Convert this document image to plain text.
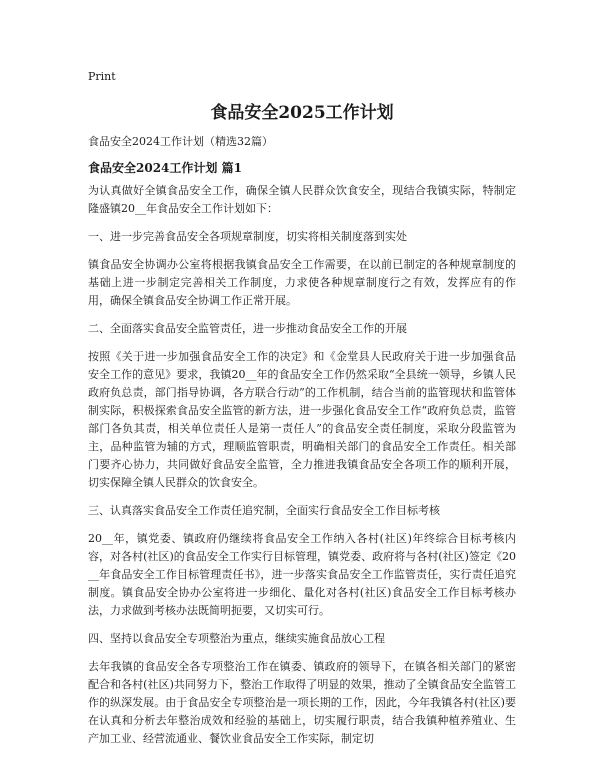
Print
食品安全2025工作计划
食品安全2024工作计划（精选32篇）
食品安全2024工作计划 篇1

为认真做好全镇食品安全工作，确保全镇人民群众饮食安全，现结合我镇实际，特制定隆盛镇20__年食品安全工作计划如下：

一、进一步完善食品安全各项规章制度，切实将相关制度落到实处

镇食品安全协调办公室将根据我镇食品安全工作需要，在以前已制定的各种规章制度的基础上进一步制定完善相关工作制度，力求使各种规章制度行之有效，发挥应有的作用，确保全镇食品安全协调工作正常开展。

二、全面落实食品安全监管责任，进一步推动食品安全工作的开展

按照《关于进一步加强食品安全工作的决定》和《金堂县人民政府关于进一步加强食品安全工作的意见》要求，我镇20__年的食品安全工作仍然采取“全县统一领导，乡镇人民政府负总责，部门指导协调，各方联合行动”的工作机制，结合当前的监管现状和监管体制实际，积极探索食品安全监管的新方法，进一步强化食品安全工作“政府负总责，监管部门各负其责，相关单位责任人是第一责任人”的食品安全责任制度，采取分段监管为主，品种监管为辅的方式，理顺监管职责，明确相关部门的食品安全工作责任。相关部门要齐心协力，共同做好食品安全监管，全力推进我镇食品安全各项工作的顺利开展，切实保障全镇人民群众的饮食安全。

三、认真落实食品安全工作责任追究制，全面实行食品安全工作目标考核

20__年，镇党委、镇政府仍继续将食品安全工作纳入各村(社区)年终综合目标考核内容，对各村(社区)的食品安全工作实行目标管理，镇党委、政府将与各村(社区)签定《20__年食品安全工作目标管理责任书》，进一步落实食品安全工作监管责任，实行责任追究制度。镇食品安全协办公室将进一步细化、量化对各村(社区)食品安全工作目标考核办法，力求做到考核办法既简明扼要，又切实可行。

四、坚持以食品安全专项整治为重点，继续实施食品放心工程

去年我镇的食品安全各专项整治工作在镇委、镇政府的领导下，在镇各相关部门的紧密配合和各村(社区)共同努力下，整治工作取得了明显的效果，推动了全镇食品安全监管工作的纵深发展。由于食品安全专项整治是一项长期的工作，因此，今年我镇各村(社区)要在认真和分析去年整治成效和经验的基础上，切实履行职责，结合我镇种植养殖业、生产加工业、经营流通业、餐饮业食品安全工作实际，制定切
